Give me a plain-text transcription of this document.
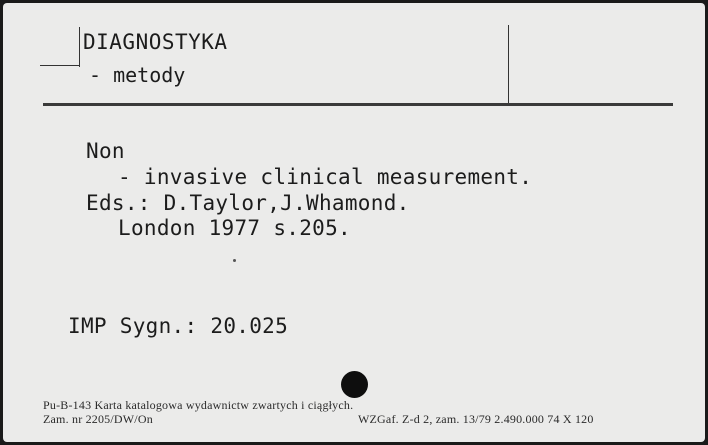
DIAGNOSTYKA
- metody
Non
- invasive clinical measurement.
Eds.: D.Taylor,J.Whamond.
London 1977 s.205.
IMP Sygn.: 20.025
Pu-B-143 Karta katalogowa wydawnictw zwartych i ciągłych.
Zam. nr 2205/DW/On	WZGaf. Z-d 2, zam. 13/79 2.490.000 74 X 120
